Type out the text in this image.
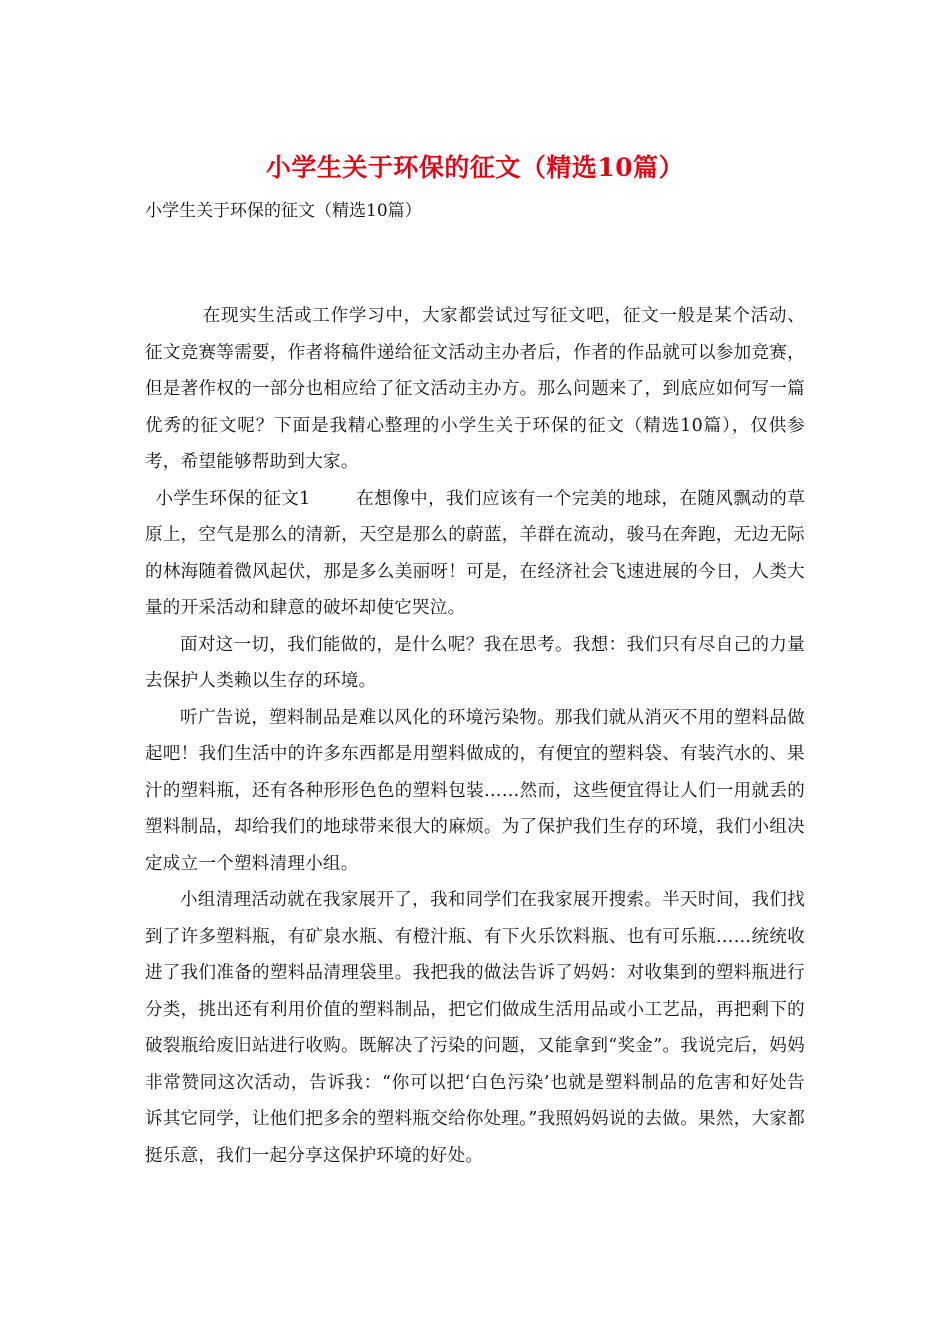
小学生关于环保的征文（精选10篇）
小学生关于环保的征文（精选10篇）

在现实生活或工作学习中，大家都尝试过写征文吧，征文一般是某个活动、征文竞赛等需要，作者将稿件递给征文活动主办者后，作者的作品就可以参加竞赛，但是著作权的一部分也相应给了征文活动主办方。那么问题来了，到底应如何写一篇优秀的征文呢？下面是我精心整理的小学生关于环保的征文（精选10篇），仅供参考，希望能够帮助到大家。

小学生环保的征文1	在想像中，我们应该有一个完美的地球，在随风飘动的草原上，空气是那么的清新，天空是那么的蔚蓝，羊群在流动，骏马在奔跑，无边无际的林海随着微风起伏，那是多么美丽呀！可是，在经济社会飞速进展的今日，人类大量的开采活动和肆意的破坏却使它哭泣。

面对这一切，我们能做的，是什么呢？我在思考。我想：我们只有尽自己的力量去保护人类赖以生存的环境。

听广告说，塑料制品是难以风化的环境污染物。那我们就从消灭不用的塑料品做起吧！我们生活中的许多东西都是用塑料做成的，有便宜的塑料袋、有装汽水的、果汁的塑料瓶，还有各种形形色色的塑料包装……然而，这些便宜得让人们一用就丢的塑料制品，却给我们的地球带来很大的麻烦。为了保护我们生存的环境，我们小组决定成立一个塑料清理小组。

小组清理活动就在我家展开了，我和同学们在我家展开搜索。半天时间，我们找到了许多塑料瓶，有矿泉水瓶、有橙汁瓶、有下火乐饮料瓶、也有可乐瓶……统统收进了我们准备的塑料品清理袋里。我把我的做法告诉了妈妈：对收集到的塑料瓶进行分类，挑出还有利用价值的塑料制品，把它们做成生活用品或小工艺品，再把剩下的破裂瓶给废旧站进行收购。既解决了污染的问题，又能拿到“奖金”。我说完后，妈妈非常赞同这次活动，告诉我：“你可以把‘白色污染’也就是塑料制品的危害和好处告诉其它同学，让他们把多余的塑料瓶交给你处理。”我照妈妈说的去做。果然，大家都挺乐意，我们一起分享这保护环境的好处。
